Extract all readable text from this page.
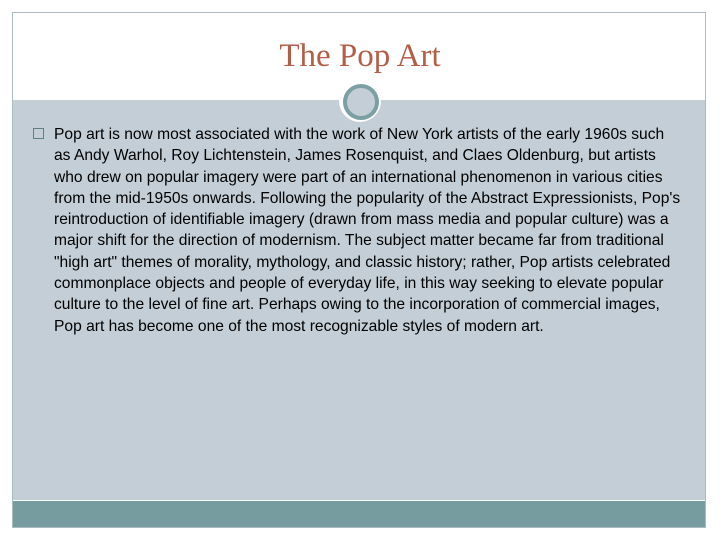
The Pop Art

Pop art is now most associated with the work of New York artists of the early 1960s such as Andy Warhol, Roy Lichtenstein, James Rosenquist, and Claes Oldenburg, but artists who drew on popular imagery were part of an international phenomenon in various cities from the mid-1950s onwards. Following the popularity of the Abstract Expressionists, Pop's reintroduction of identifiable imagery (drawn from mass media and popular culture) was a major shift for the direction of modernism. The subject matter became far from traditional "high art" themes of morality, mythology, and classic history; rather, Pop artists celebrated commonplace objects and people of everyday life, in this way seeking to elevate popular culture to the level of fine art. Perhaps owing to the incorporation of commercial images, Pop art has become one of the most recognizable styles of modern art.
